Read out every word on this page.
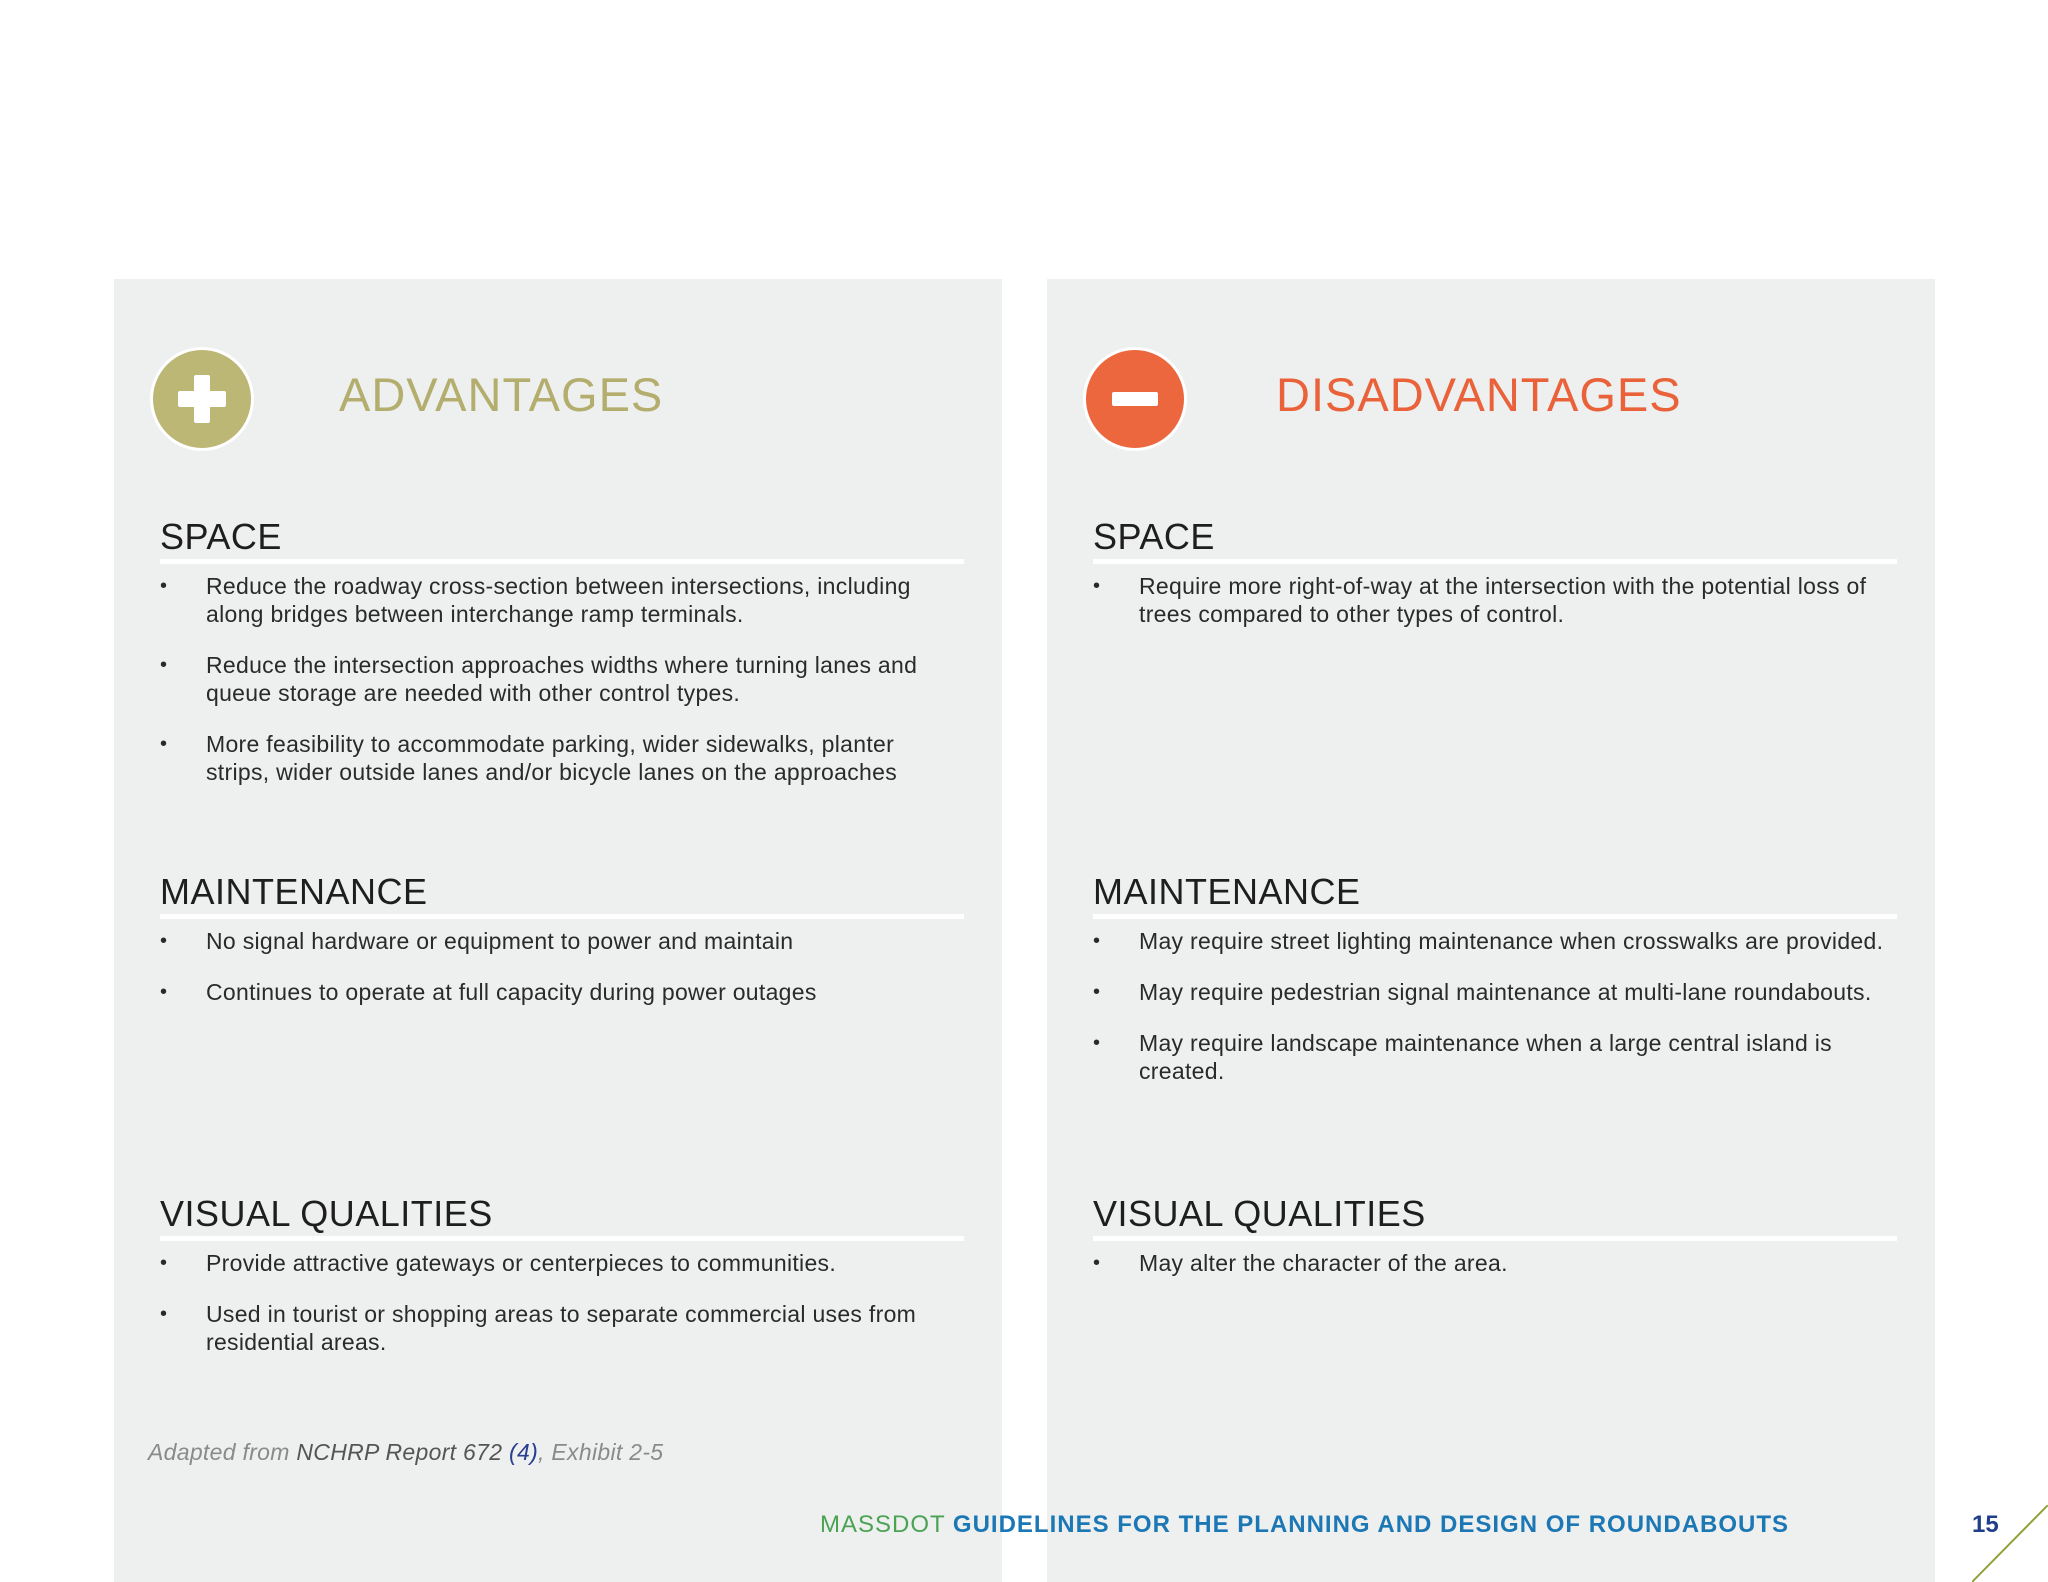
ADVANTAGES
SPACE
• Reduce the roadway cross-section between intersections, including along bridges between interchange ramp terminals.
• Reduce the intersection approaches widths where turning lanes and queue storage are needed with other control types.
• More feasibility to accommodate parking, wider sidewalks, planter strips, wider outside lanes and/or bicycle lanes on the approaches
MAINTENANCE
• No signal hardware or equipment to power and maintain
• Continues to operate at full capacity during power outages
VISUAL QUALITIES
• Provide attractive gateways or centerpieces to communities.
• Used in tourist or shopping areas to separate commercial uses from residential areas.
Adapted from NCHRP Report 672 (4), Exhibit 2-5
DISADVANTAGES
SPACE
• Require more right-of-way at the intersection with the potential loss of trees compared to other types of control.
MAINTENANCE
• May require street lighting maintenance when crosswalks are provided.
• May require pedestrian signal maintenance at multi-lane roundabouts.
• May require landscape maintenance when a large central island is created.
VISUAL QUALITIES
• May alter the character of the area.
MASSDOT GUIDELINES FOR THE PLANNING AND DESIGN OF ROUNDABOUTS	15
